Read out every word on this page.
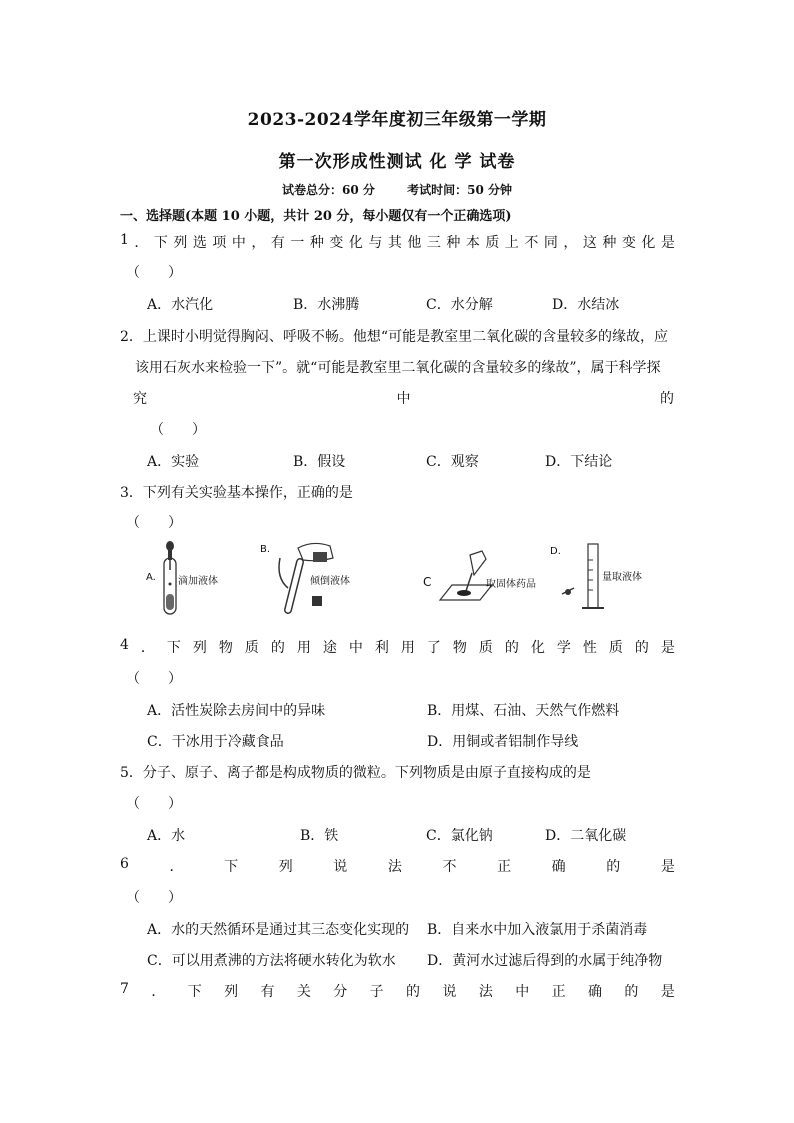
2023-2024学年度初三年级第一学期
第一次形成性测试 化 学 试卷
试卷总分：60 分	考试时间：50 分钟
一、选择题(本题 10 小题，共计 20 分，每小题仅有一个正确选项)
1 ． 下 列 选 项 中 ， 有 一 种 变 化 与 其 他 三 种 本 质 上 不 同 ， 这 种 变 化 是
（　　）
A．水汽化	B．水沸腾	C．水分解	D．水结冰
2．上课时小明觉得胸闷、呼吸不畅。他想“可能是教室里二氧化碳的含量较多的缘故，应
该用石灰水来检验一下”。就“可能是教室里二氧化碳的含量较多的缘故”，属于科学探
究	中	的
（　　）
A．实验	B．假设	C．观察	D．下结论
3．下列有关实验基本操作，正确的是
（　　）
A. 滴加液体
B.
倾倒液体	C	取固体药品
D.
量取液体
4 ． 下 列 物 质 的 用 途 中 利 用 了 物 质 的 化 学 性 质 的 是
（　　）
A．活性炭除去房间中的异味	B．用煤、石油、天然气作燃料
C．干冰用于冷藏食品	D．用铜或者铝制作导线
5．分子、原子、离子都是构成物质的微粒。下列物质是由原子直接构成的是
（　　）
A．水	B．铁	C．氯化钠	D．二氧化碳
6	．	下	列	说	法	不	正	确	的	是
（　　）
A．水的天然循环是通过其三态变化实现的 B．自来水中加入液氯用于杀菌消毒
C．可以用煮沸的方法将硬水转化为软水 D．黄河水过滤后得到的水属于纯净物
7 ． 下 列 有 关 分 子 的 说 法 中 正 确 的 是
